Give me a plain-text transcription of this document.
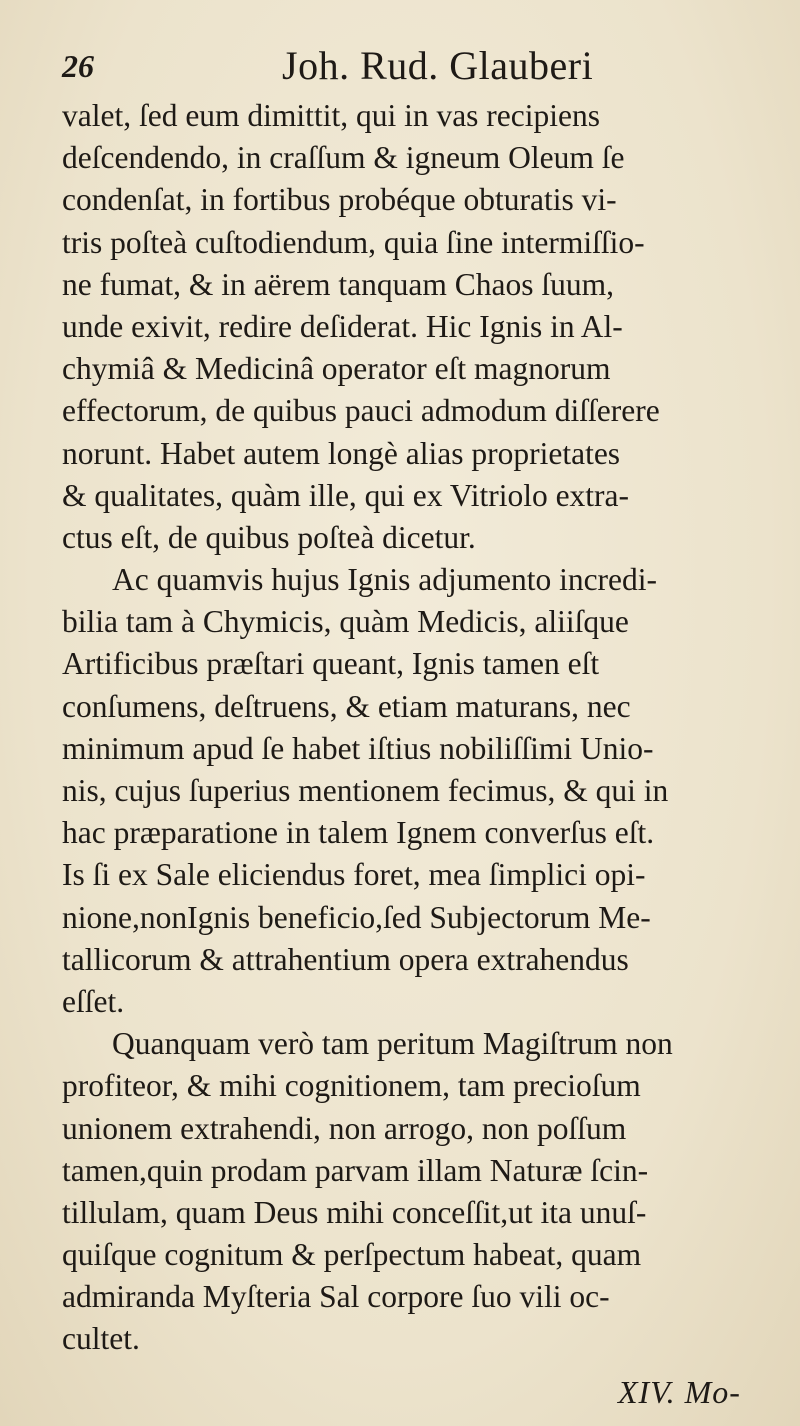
26	Joh. Rud. Glauberi
valet, ſed eum dimittit, qui in vas recipiens
deſcendendo, in craſſum & igneum Oleum ſe
condenſat, in fortibus probéque obturatis vi-
tris poſteà cuſtodiendum, quia ſine intermiſſio-
ne fumat, & in aërem tanquam Chaos ſuum,
unde exivit, redire deſiderat. Hic Ignis in Al-
chymiâ & Medicinâ operator eſt magnorum
effectorum, de quibus pauci admodum diſſerere
norunt. Habet autem longè alias proprietates
& qualitates, quàm ille, qui ex Vitriolo extra-
ctus eſt, de quibus poſteà dicetur.
Ac quamvis hujus Ignis adjumento incredi-
bilia tam à Chymicis, quàm Medicis, aliiſque
Artificibus præſtari queant, Ignis tamen eſt
conſumens, deſtruens, & etiam maturans, nec
minimum apud ſe habet iſtius nobiliſſimi Unio-
nis, cujus ſuperius mentionem fecimus, & qui in
hac præparatione in talem Ignem converſus eſt.
Is ſi ex Sale eliciendus foret, mea ſimplici opi-
nione,nonIgnis beneficio,ſed Subjectorum Me-
tallicorum & attrahentium opera extrahendus
eſſet.
Quanquam verò tam peritum Magiſtrum non
profiteor, & mihi cognitionem, tam precioſum
unionem extrahendi, non arrogo, non poſſum
tamen,quin prodam parvam illam Naturæ ſcin-
tillulam, quam Deus mihi conceſſit,ut ita unuſ-
quiſque cognitum & perſpectum habeat, quam
admiranda Myſteria Sal corpore ſuo vili oc-
cultet.
XIV. Mo-
